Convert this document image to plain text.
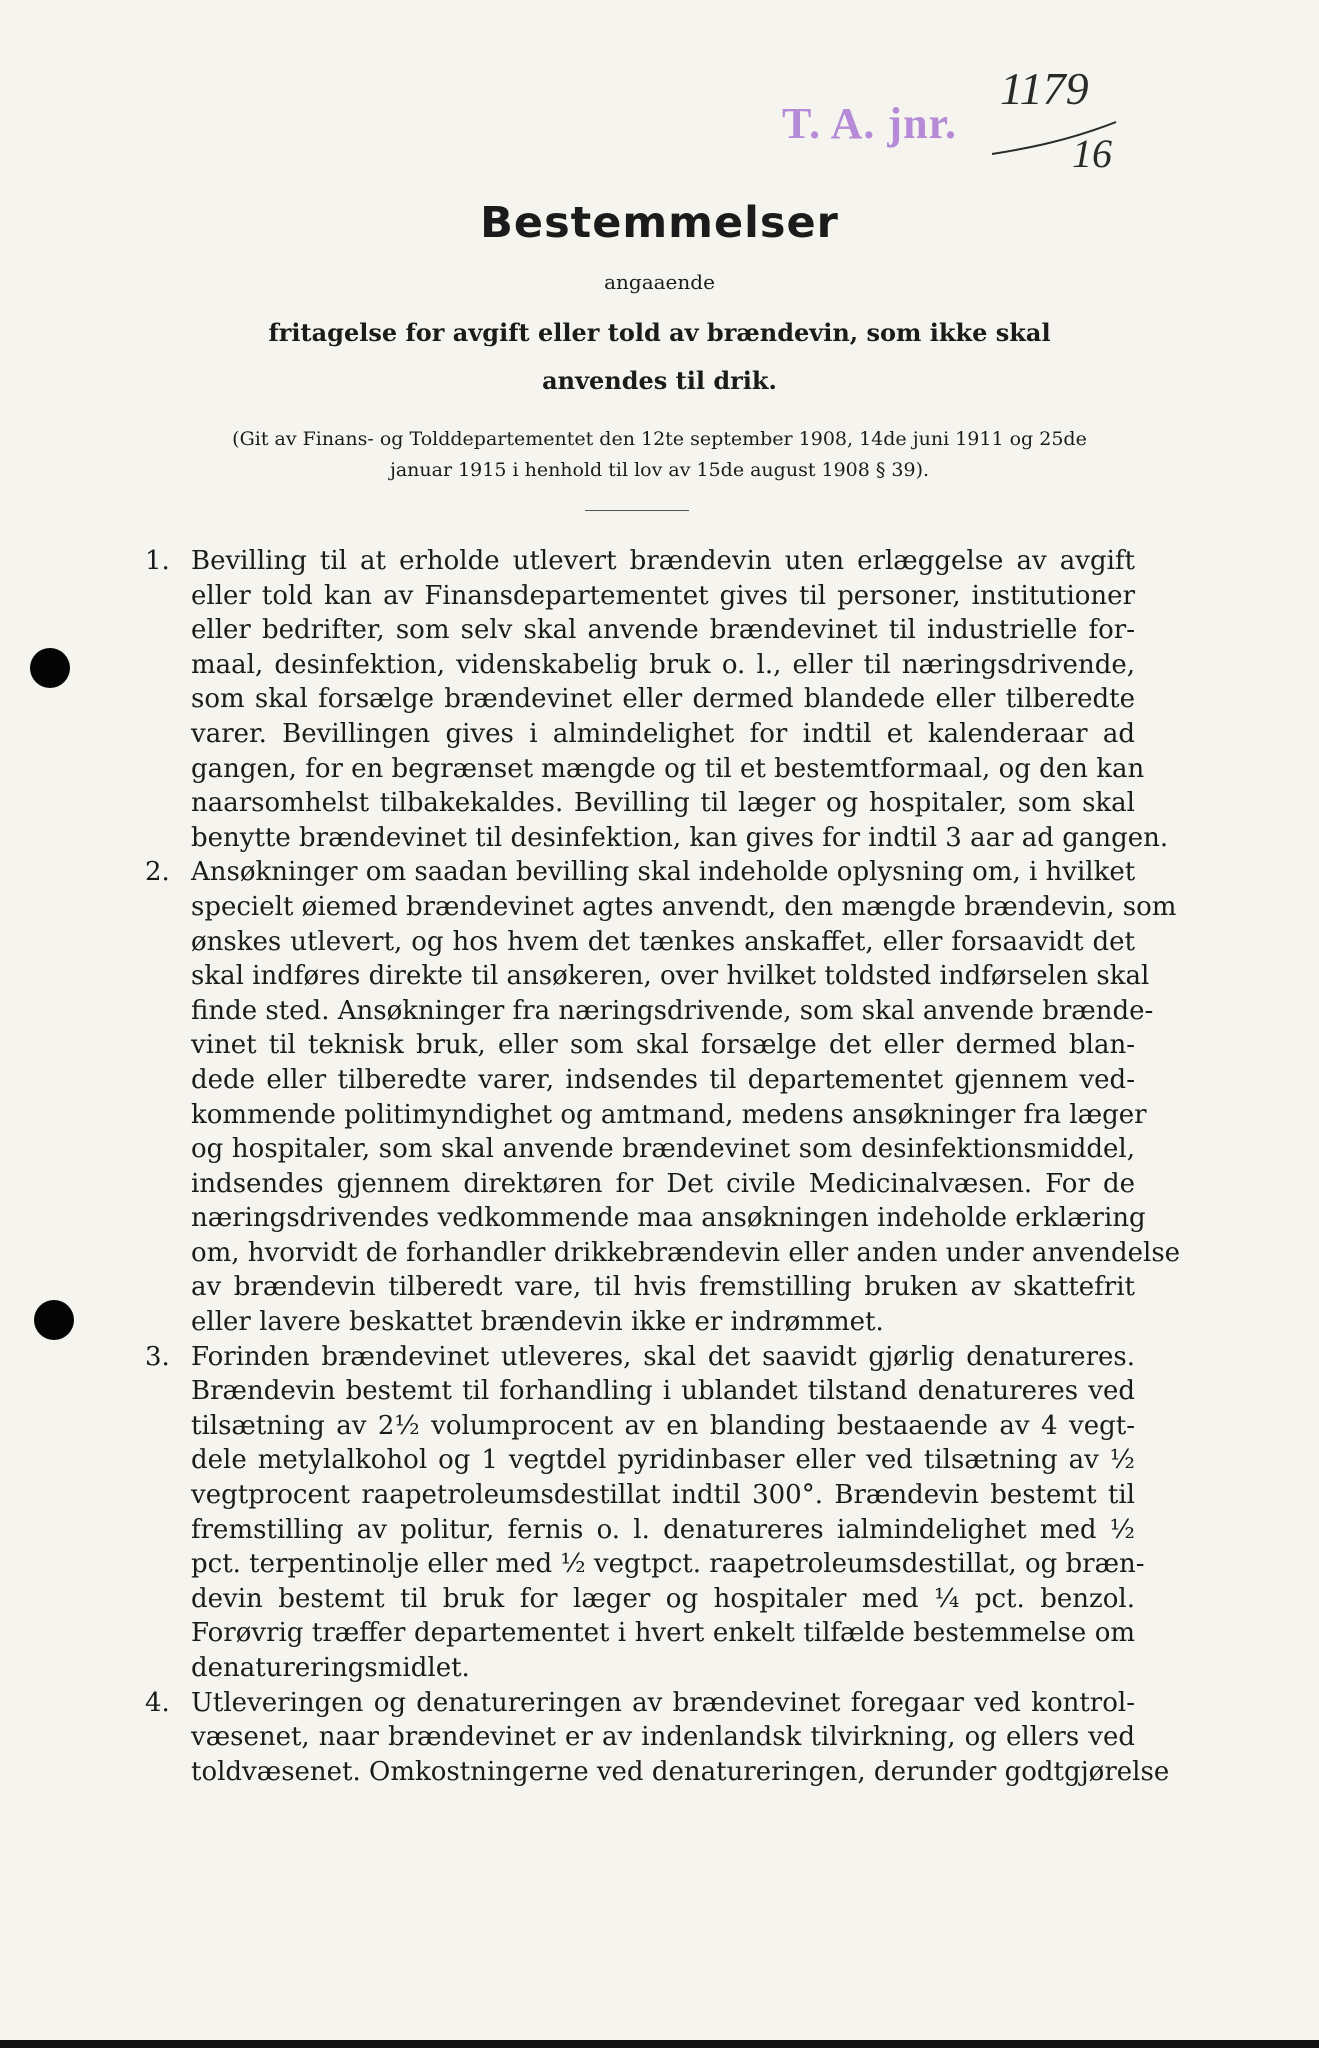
T. A. jnr.
1179
16
Bestemmelser
angaaende
fritagelse for avgift eller told av brændevin, som ikke skal
anvendes til drik.
(Git av Finans- og Tolddepartementet den 12te september 1908, 14de juni 1911 og 25de
januar 1915 i henhold til lov av 15de august 1908 § 39).
1. Bevilling til at erholde utlevert brændevin uten erlæggelse av avgift
eller told kan av Finansdepartementet gives til personer, institutioner
eller bedrifter, som selv skal anvende brændevinet til industrielle for-
maal, desinfektion, videnskabelig bruk o. l., eller til næringsdrivende,
som skal forsælge brændevinet eller dermed blandede eller tilberedte
varer. Bevillingen gives i almindelighet for indtil et kalenderaar ad
gangen, for en begrænset mængde og til et bestemtformaal, og den kan
naarsomhelst tilbakekaldes. Bevilling til læger og hospitaler, som skal
benytte brændevinet til desinfektion, kan gives for indtil 3 aar ad gangen.
2. Ansøkninger om saadan bevilling skal indeholde oplysning om, i hvilket
specielt øiemed brændevinet agtes anvendt, den mængde brændevin, som
ønskes utlevert, og hos hvem det tænkes anskaffet, eller forsaavidt det
skal indføres direkte til ansøkeren, over hvilket toldsted indførselen skal
finde sted. Ansøkninger fra næringsdrivende, som skal anvende brænde-
vinet til teknisk bruk, eller som skal forsælge det eller dermed blan-
dede eller tilberedte varer, indsendes til departementet gjennem ved-
kommende politimyndighet og amtmand, medens ansøkninger fra læger
og hospitaler, som skal anvende brændevinet som desinfektionsmiddel,
indsendes gjennem direktøren for Det civile Medicinalvæsen. For de
næringsdrivendes vedkommende maa ansøkningen indeholde erklæring
om, hvorvidt de forhandler drikkebrændevin eller anden under anvendelse
av brændevin tilberedt vare, til hvis fremstilling bruken av skattefrit
eller lavere beskattet brændevin ikke er indrømmet.
3. Forinden brændevinet utleveres, skal det saavidt gjørlig denatureres.
Brændevin bestemt til forhandling i ublandet tilstand denatureres ved
tilsætning av 2½ volumprocent av en blanding bestaaende av 4 vegt-
dele metylalkohol og 1 vegtdel pyridinbaser eller ved tilsætning av ½
vegtprocent raapetroleumsdestillat indtil 300°. Brændevin bestemt til
fremstilling av politur, fernis o. l. denatureres ialmindelighet med ½
pct. terpentinolje eller med ½ vegtpct. raapetroleumsdestillat, og bræn-
devin bestemt til bruk for læger og hospitaler med ¼ pct. benzol.
Forøvrig træffer departementet i hvert enkelt tilfælde bestemmelse om
denatureringsmidlet.
4. Utleveringen og denatureringen av brændevinet foregaar ved kontrol-
væsenet, naar brændevinet er av indenlandsk tilvirkning, og ellers ved
toldvæsenet. Omkostningerne ved denatureringen, derunder godtgjørelse
